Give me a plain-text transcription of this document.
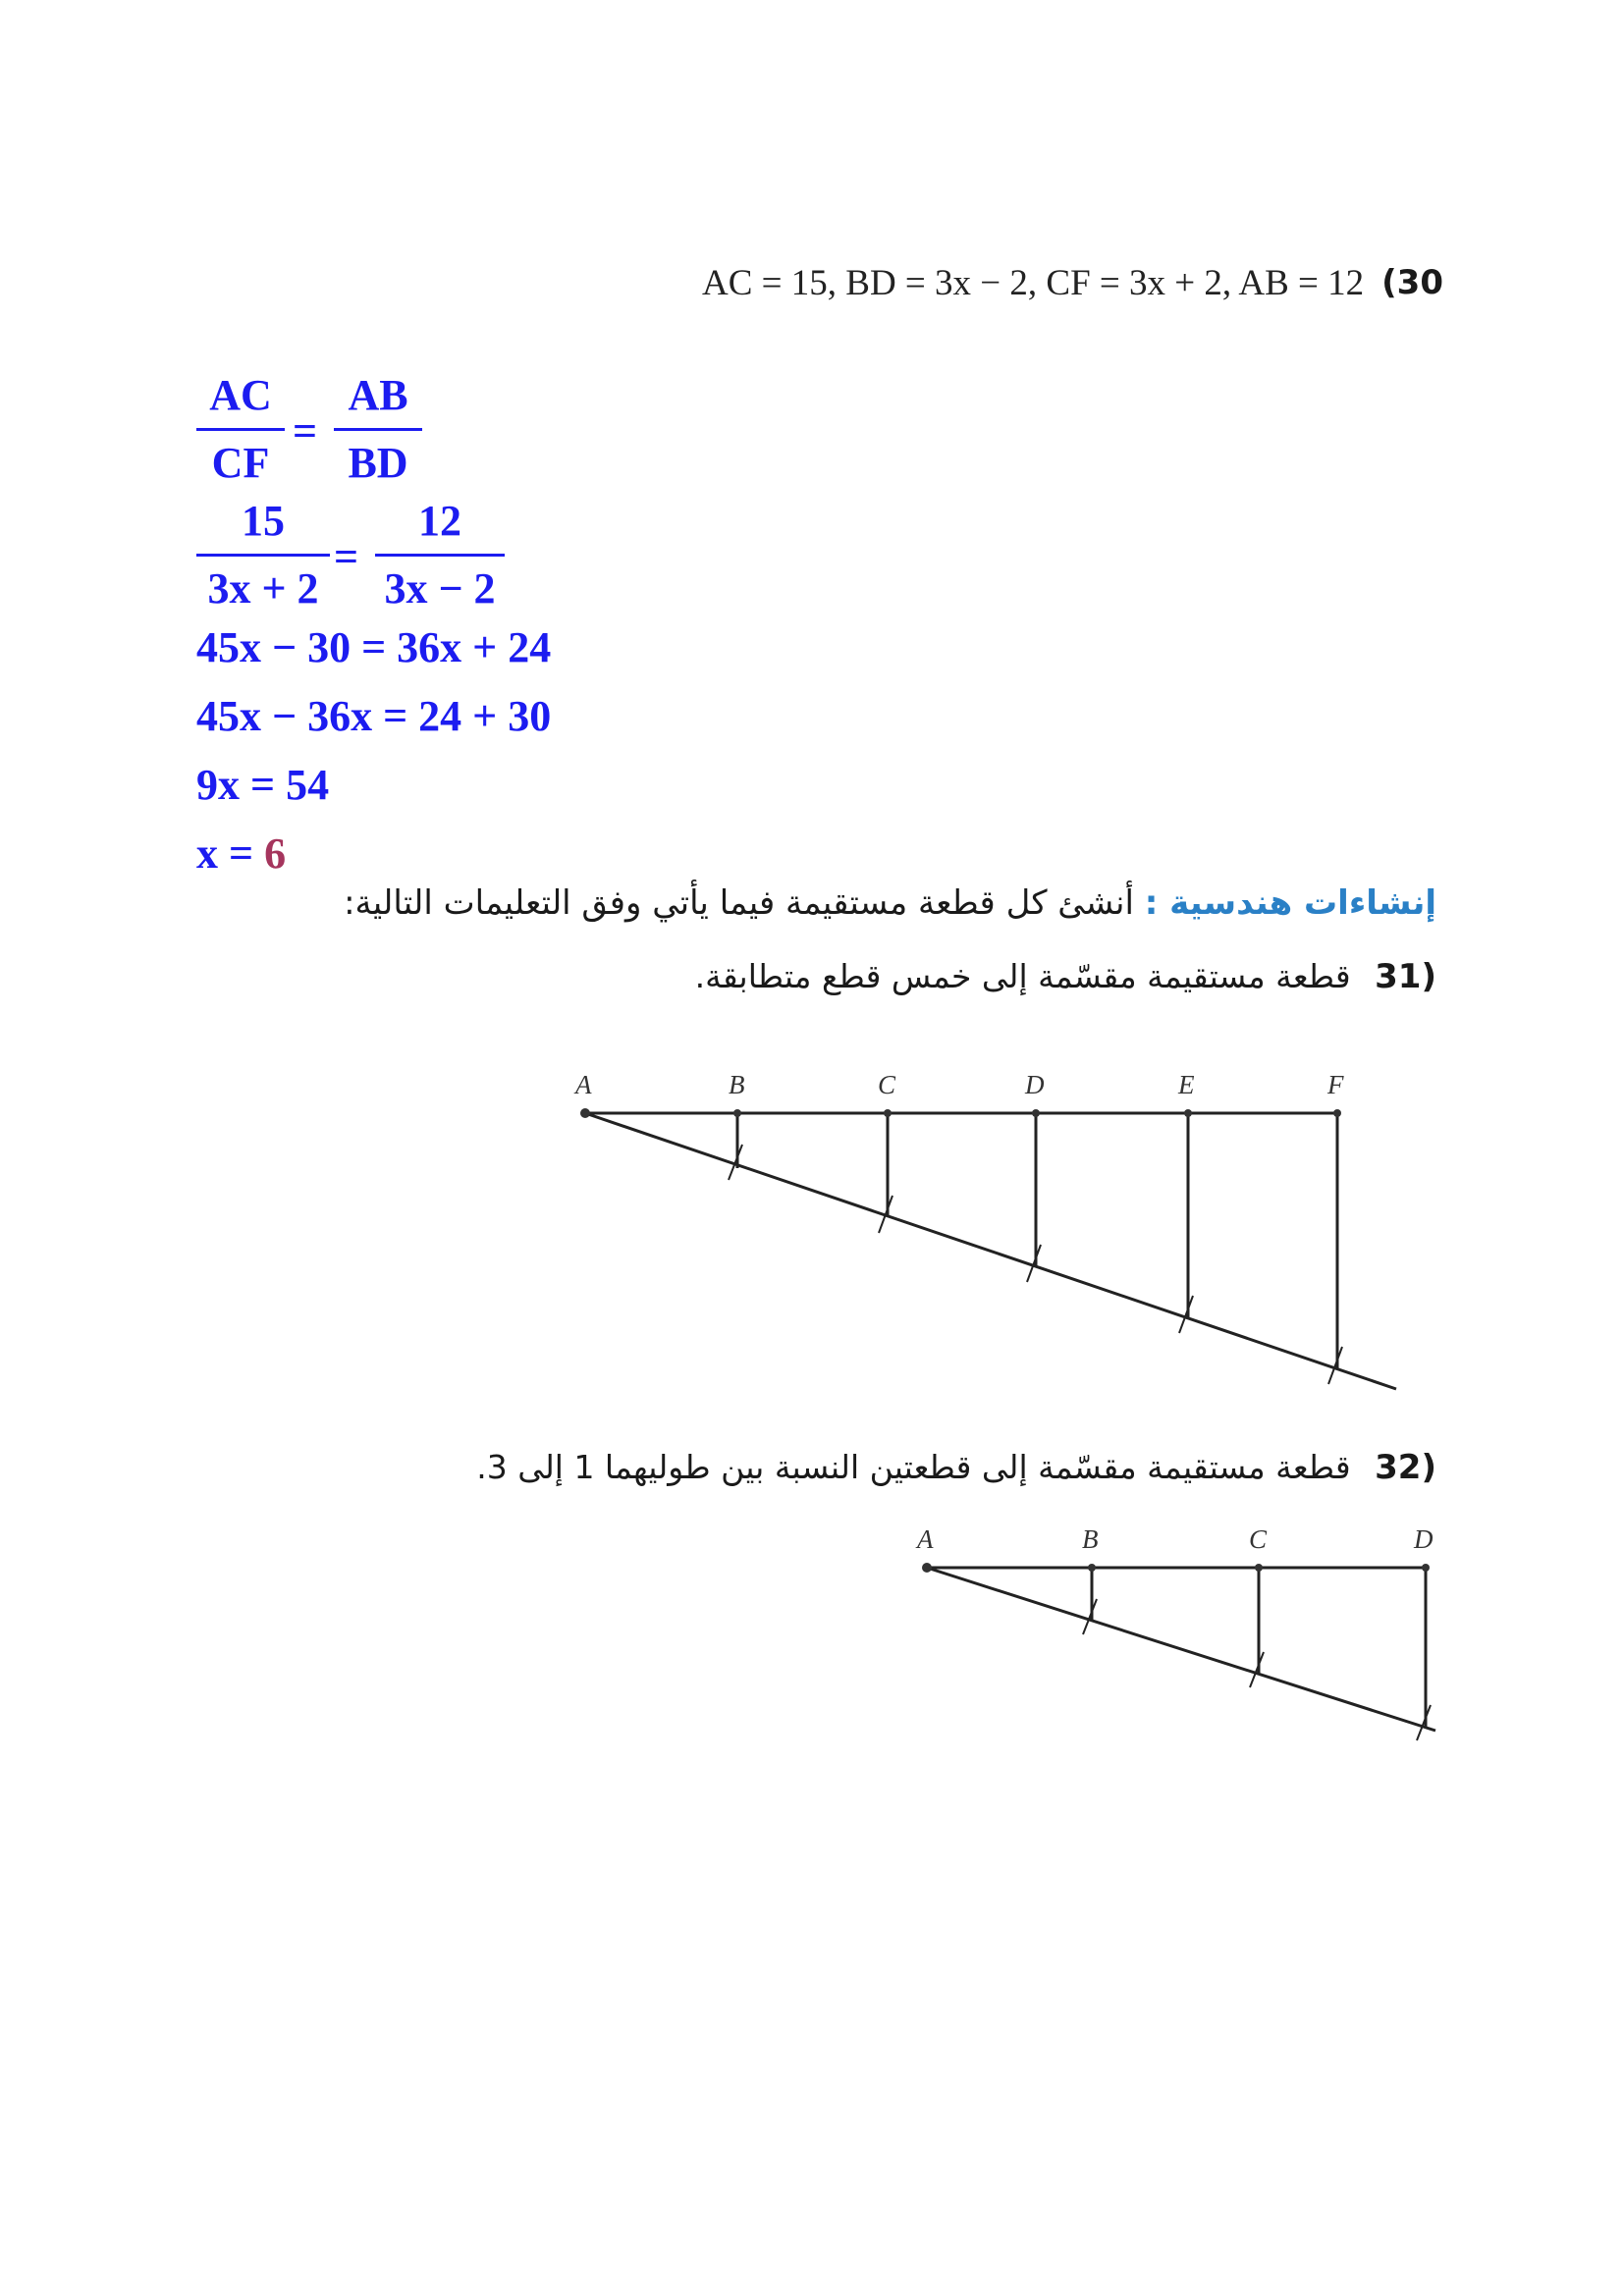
(30
AC = 15, BD = 3x − 2, CF = 3x + 2, AB = 12
AC
CF
=
AB
BD
15
3x + 2
=
12
3x − 2
45x − 30 = 36x + 24
45x − 36x = 24 + 30
9x = 54
x = 6
إنشاءات هندسية : أنشئ كل قطعة مستقيمة فيما يأتي وفق التعليمات التالية:
(31 قطعة مستقيمة مقسّمة إلى خمس قطع متطابقة.
A	B	C	D	E	F
(32 قطعة مستقيمة مقسّمة إلى قطعتين النسبة بين طوليهما 1 إلى 3.
A	B	C	D
